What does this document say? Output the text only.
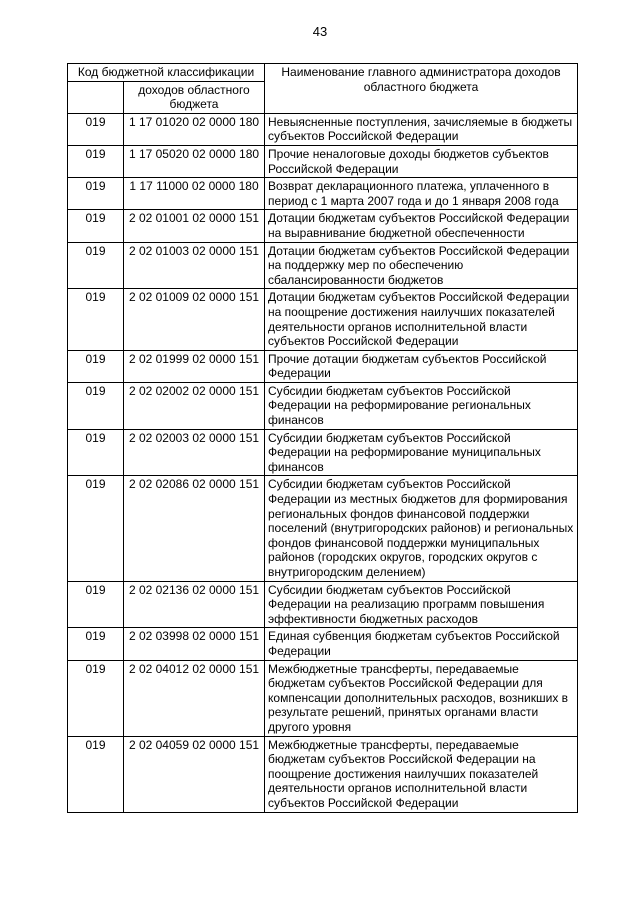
43
Код бюджетной классификации		Наименование главного администратора доходов областного бюджета
	доходов областного бюджета	
019	1 17 01020 02 0000 180	Невыясненные поступления, зачисляемые в бюджеты субъектов Российской Федерации
019	1 17 05020 02 0000 180	Прочие неналоговые доходы бюджетов субъектов Российской Федерации
019	1 17 11000 02 0000 180	Возврат декларационного платежа, уплаченного в период с 1 марта 2007 года и до 1 января 2008 года
019	2 02 01001 02 0000 151	Дотации бюджетам субъектов Российской Федерации на выравнивание бюджетной обеспеченности
019	2 02 01003 02 0000 151	Дотации бюджетам субъектов Российской Федерации на поддержку мер по обеспечению сбалансированности бюджетов
019	2 02 01009 02 0000 151	Дотации бюджетам субъектов Российской Федерации на поощрение достижения наилучших показателей деятельности органов исполнительной власти субъектов Российской Федерации
019	2 02 01999 02 0000 151	Прочие дотации бюджетам субъектов Российской Федерации
019	2 02 02002 02 0000 151	Субсидии бюджетам субъектов Российской Федерации на реформирование региональных финансов
019	2 02 02003 02 0000 151	Субсидии бюджетам субъектов Российской Федерации на реформирование муниципальных финансов
019	2 02 02086 02 0000 151	Субсидии бюджетам субъектов Российской Федерации из местных бюджетов для формирования региональных фондов финансовой поддержки поселений (внутригородских районов) и региональных фондов финансовой поддержки муниципальных районов (городских округов, городских округов с внутригородским делением)
019	2 02 02136 02 0000 151	Субсидии бюджетам субъектов Российской Федерации на реализацию программ повышения эффективности бюджетных расходов
019	2 02 03998 02 0000 151	Единая субвенция бюджетам субъектов Российской Федерации
019	2 02 04012 02 0000 151	Межбюджетные трансферты, передаваемые бюджетам субъектов Российской Федерации для компенсации дополнительных расходов, возникших в результате решений, принятых органами власти другого уровня
019	2 02 04059 02 0000 151	Межбюджетные трансферты, передаваемые бюджетам субъектов Российской Федерации на поощрение достижения наилучших показателей деятельности органов исполнительной власти субъектов Российской Федерации
